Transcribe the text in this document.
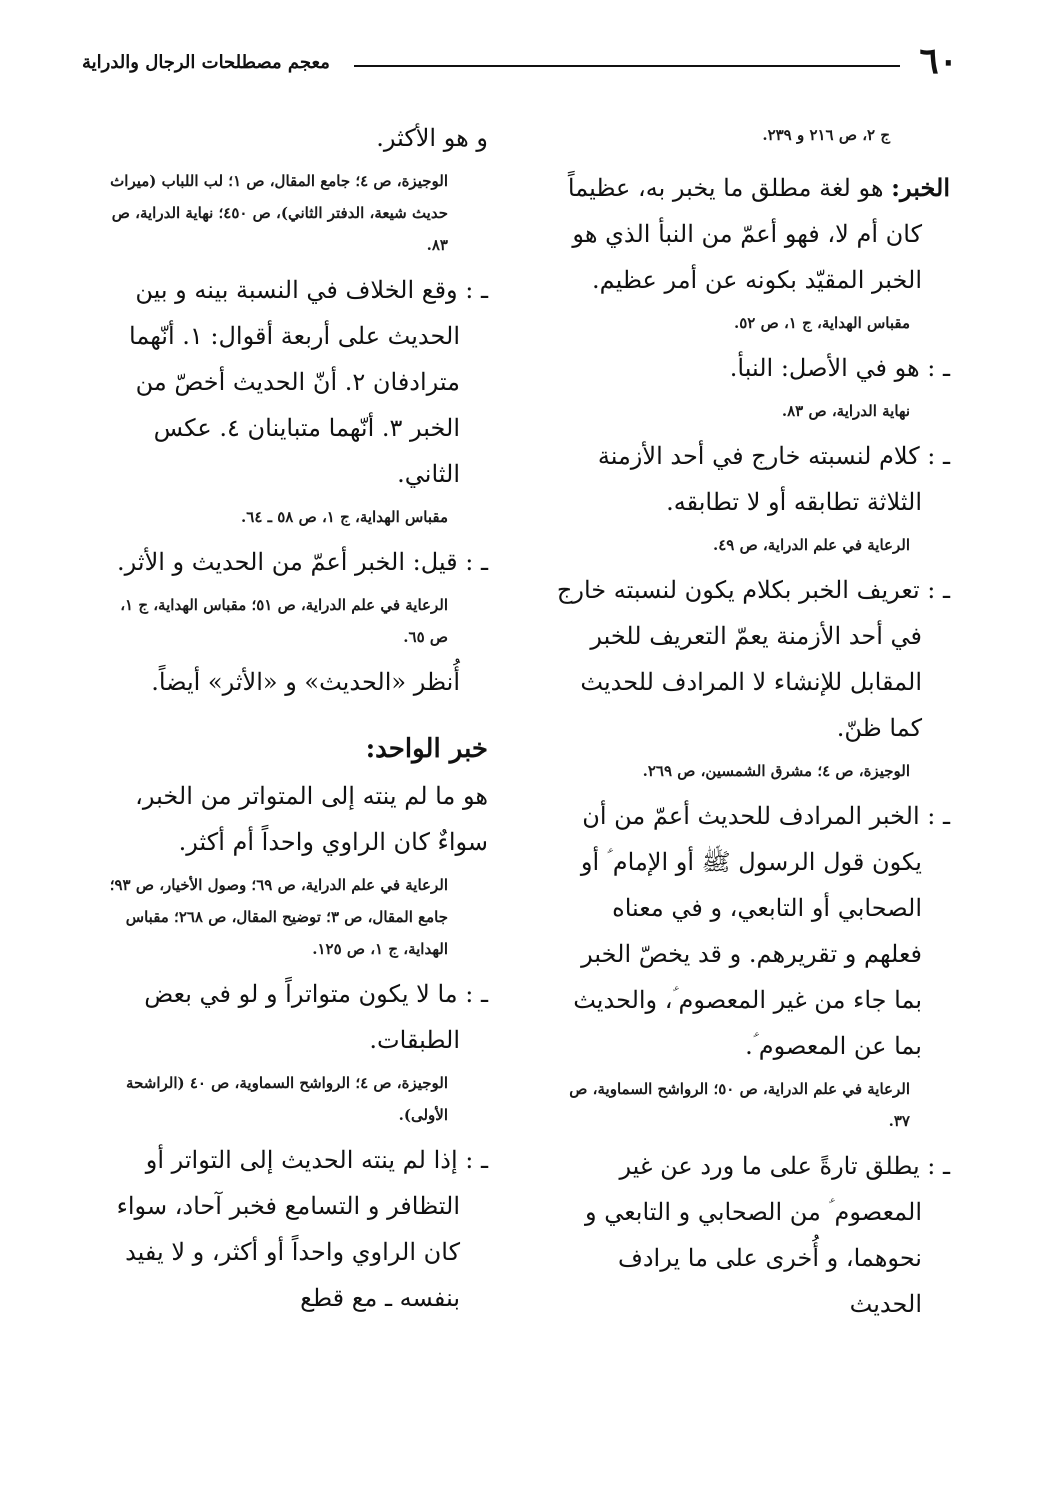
٦٠
معجم مصطلحات الرجال والدراية
ج ٢، ص ٢١٦ و ٢٣٩.

الخبر: هو لغة مطلق ما يخبر به، عظيماً كان أم لا، فهو أعمّ من النبأ الذي هو الخبر المقيّد بكونه عن أمر عظيم.

مقباس الهداية، ج ١، ص ٥٢.

ـ : هو في الأصل: النبأ.

نهاية الدراية، ص ٨٣.

ـ : كلام لنسبته خارج في أحد الأزمنة الثلاثة تطابقه أو لا تطابقه.

الرعاية في علم الدراية، ص ٤٩.

ـ : تعريف الخبر بكلام يكون لنسبته خارج في أحد الأزمنة يعمّ التعريف للخبر المقابل للإنشاء لا المرادف للحديث كما ظنّ.

الوجيزة، ص ٤؛ مشرق الشمسين، ص ٢٦٩.

ـ : الخبر المرادف للحديث أعمّ من أن يكون قول الرسول ﷺ أو الإمام ؑ أو الصحابي أو التابعي، و في معناه فعلهم و تقريرهم. و قد يخصّ الخبر بما جاء من غير المعصوم ؑ، والحديث بما عن المعصوم ؑ.

الرعاية في علم الدراية، ص ٥٠؛ الرواشح السماوية، ص ٣٧.

ـ : يطلق تارةً على ما ورد عن غير المعصوم ؑ من الصحابي و التابعي و نحوهما، و أُخرى على ما يرادف الحديث

و هو الأكثر.

الوجيزة، ص ٤؛ جامع المقال، ص ١؛ لب اللباب (ميراث حديث شيعة، الدفتر الثاني)، ص ٤٥٠؛ نهاية الدراية، ص ٨٣.

ـ : وقع الخلاف في النسبة بينه و بين الحديث على أربعة أقوال: ١. أنّهما مترادفان ٢. أنّ الحديث أخصّ من الخبر ٣. أنّهما متباينان ٤. عكس الثاني.

مقباس الهداية، ج ١، ص ٥٨ ـ ٦٤.

ـ : قيل: الخبر أعمّ من الحديث و الأثر.

الرعاية في علم الدراية، ص ٥١؛ مقباس الهداية، ج ١، ص ٦٥.

أُنظر «الحديث» و «الأثر» أيضاً.

خبر الواحد:

هو ما لم ينته إلى المتواتر من الخبر، سواءٌ كان الراوي واحداً أم أكثر.

الرعاية في علم الدراية، ص ٦٩؛ وصول الأخيار، ص ٩٣؛ جامع المقال، ص ٣؛ توضيح المقال، ص ٢٦٨؛ مقباس الهداية، ج ١، ص ١٢٥.

ـ : ما لا يكون متواتراً و لو في بعض الطبقات.

الوجيزة، ص ٤؛ الرواشح السماوية، ص ٤٠ (الراشحة الأولى).

ـ : إذا لم ينته الحديث إلى التواتر أو التظافر و التسامع فخبر آحاد، سواء كان الراوي واحداً أو أكثر، و لا يفيد بنفسه ـ مع قطع
